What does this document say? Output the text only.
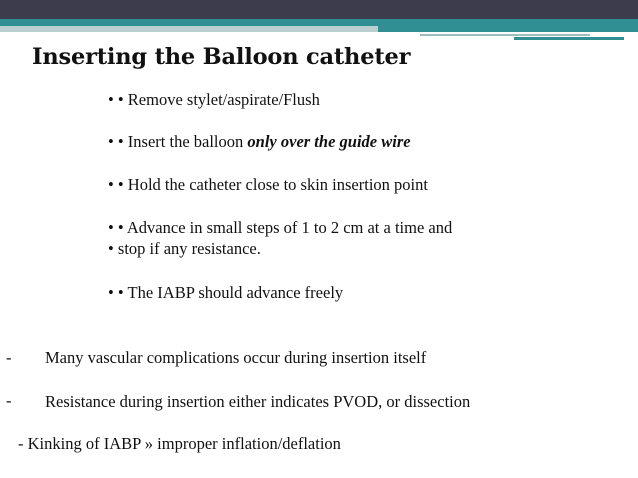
Inserting the Balloon catheter
• • Remove stylet/aspirate/Flush
• • Insert the balloon only over the guide wire
• • Hold the catheter close to skin insertion point
• • Advance in small steps of 1 to 2 cm at a time and
• stop if any resistance.
• • The IABP should advance freely
- Many vascular complications occur during insertion itself
- Resistance during insertion either indicates PVOD, or dissection
- Kinking of IABP » improper inflation/deflation
